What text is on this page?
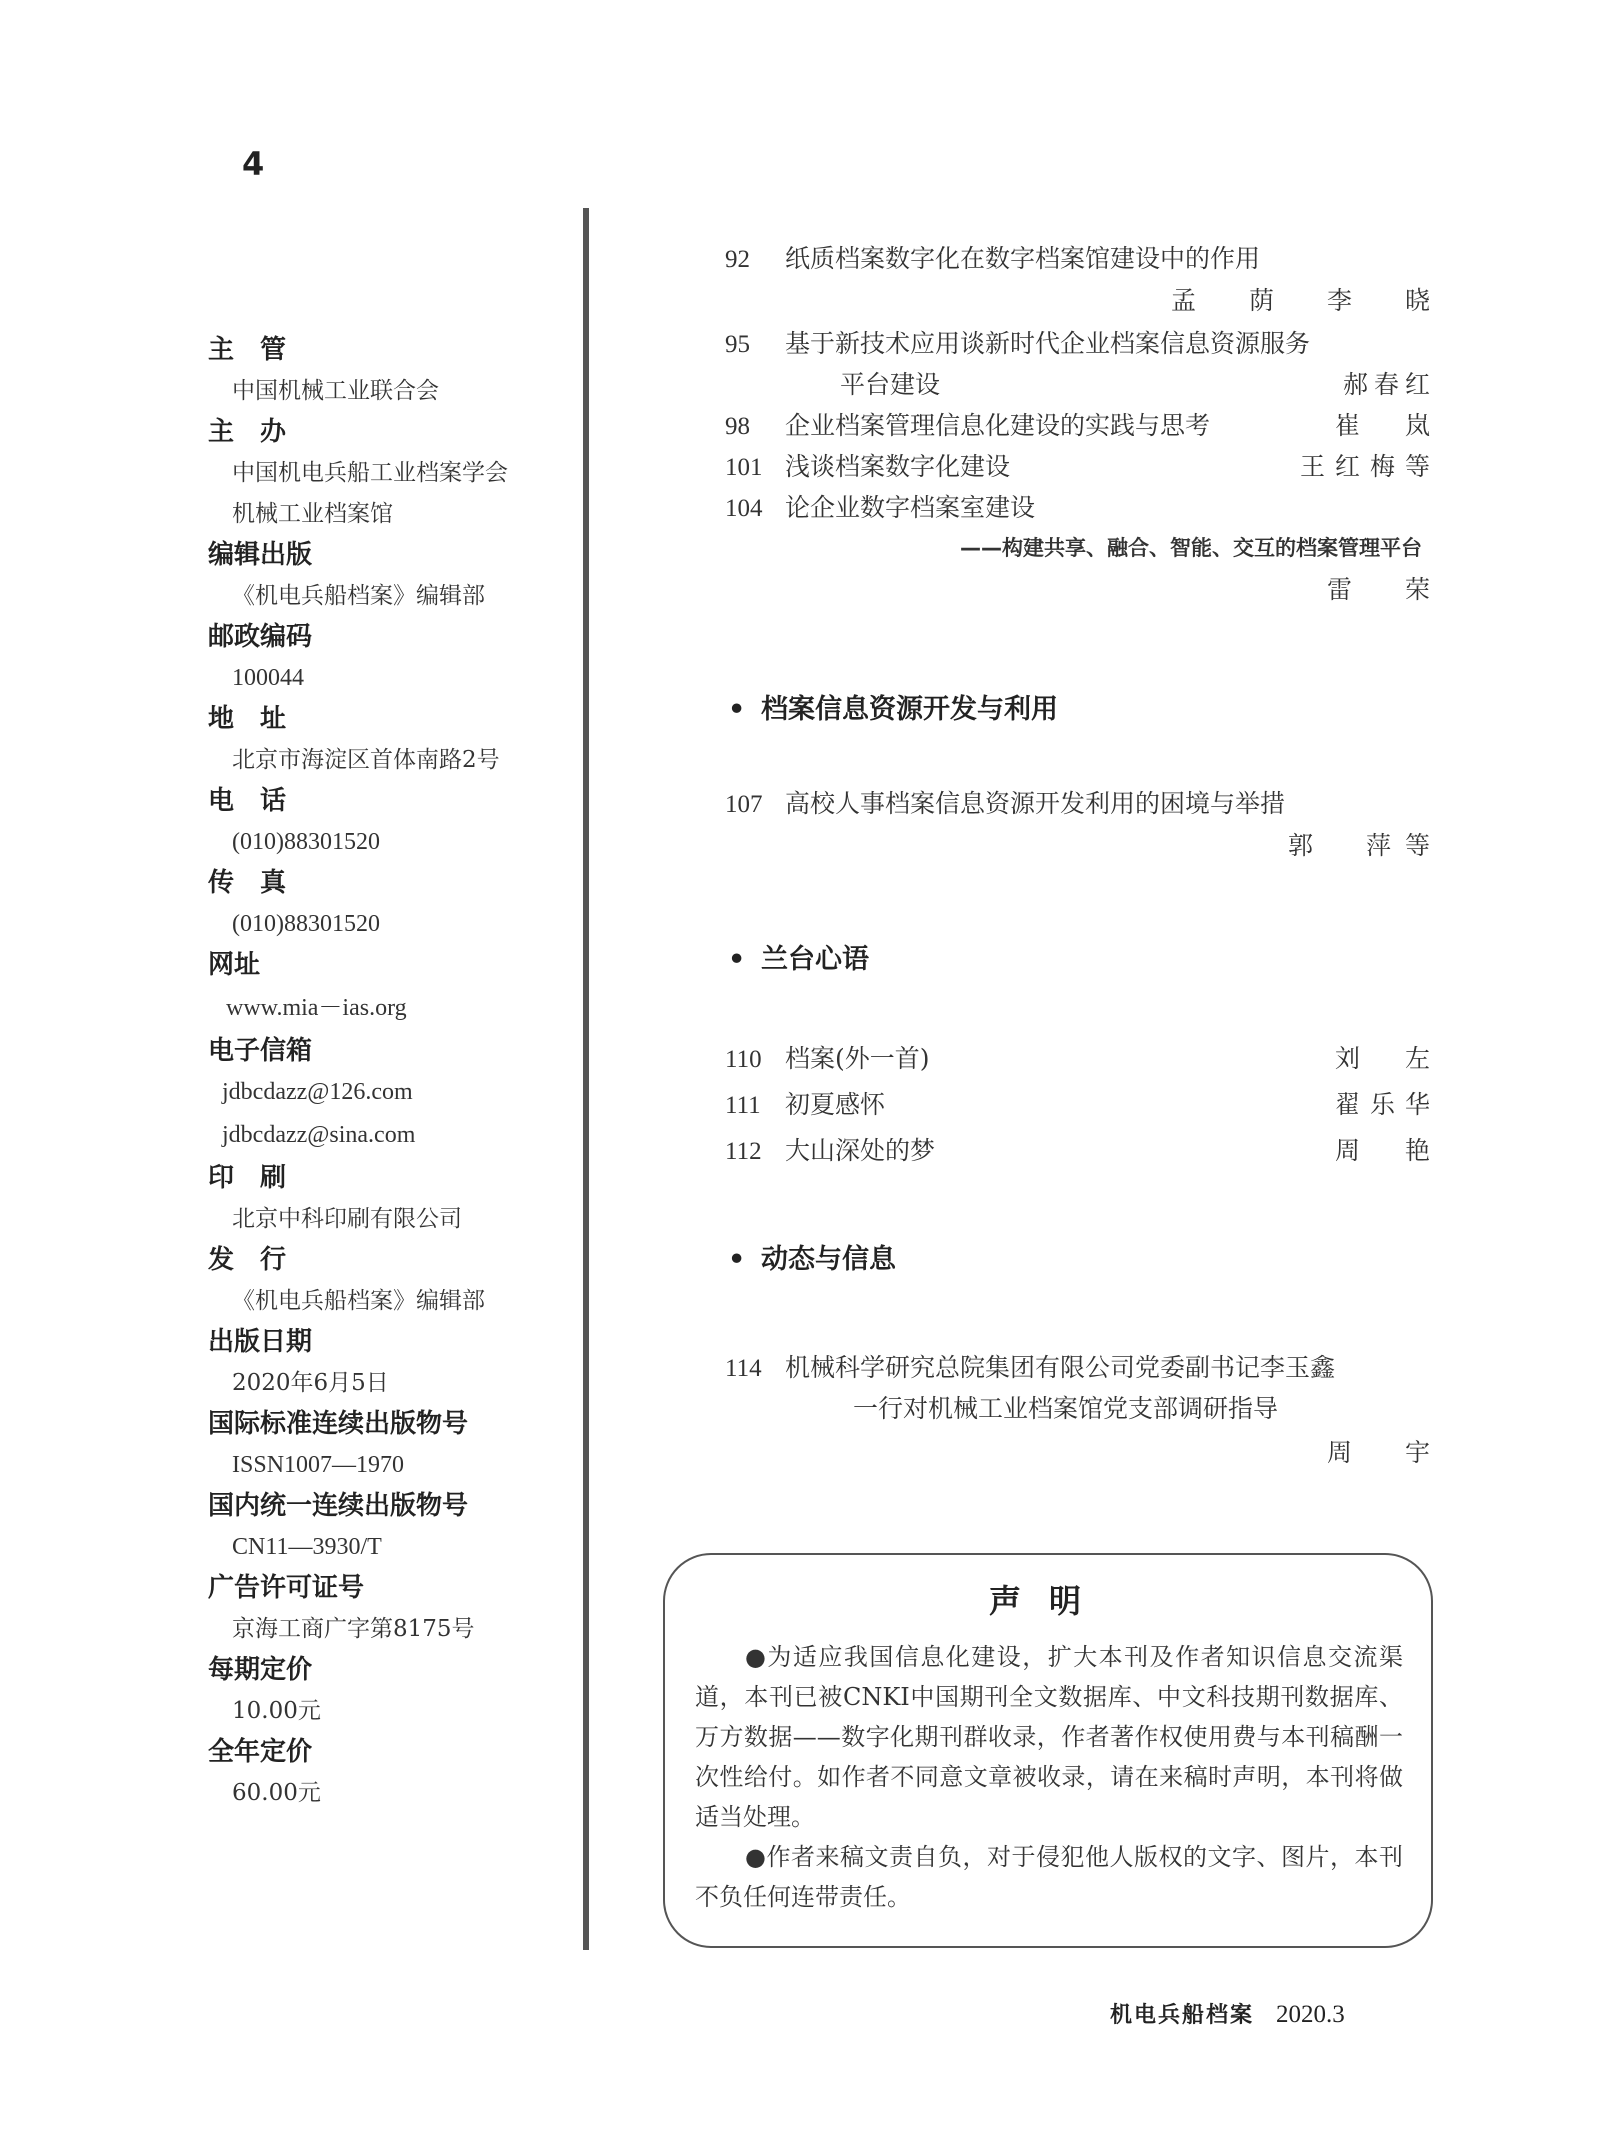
4
主　管
中国机械工业联合会
主　办
中国机电兵船工业档案学会
机械工业档案馆
编辑出版
《机电兵船档案》编辑部
邮政编码
100044
地　址
北京市海淀区首体南路2号
电　话
(010)88301520
传　真
(010)88301520
网址
www.mia－ias.org
电子信箱
jdbcdazz@126.com
jdbcdazz@sina.com
印　刷
北京中科印刷有限公司
发　行
《机电兵船档案》编辑部
出版日期
2020年6月5日
国际标准连续出版物号
ISSN1007—1970
国内统一连续出版物号
CN11—3930/T
广告许可证号
京海工商广字第8175号
每期定价
10.00元
全年定价
60.00元
92 纸质档案数字化在数字档案馆建设中的作用
孟　荫　李　晓
95 基于新技术应用谈新时代企业档案信息资源服务
平台建设	郝春红
98 企业档案管理信息化建设的实践与思考	崔　岚
101 浅谈档案数字化建设	王红梅等
104 论企业数字档案室建设
——构建共享、融合、智能、交互的档案管理平台
雷　荣
• 档案信息资源开发与利用
107 高校人事档案信息资源开发利用的困境与举措
郭　萍等
• 兰台心语
110 档案(外一首)	刘　左
111 初夏感怀	翟乐华
112 大山深处的梦	周　艳
• 动态与信息
114 机械科学研究总院集团有限公司党委副书记李玉鑫
一行对机械工业档案馆党支部调研指导
周　宇
声明

●为适应我国信息化建设，扩大本刊及作者知识信息交流渠道，本刊已被CNKI中国期刊全文数据库、中文科技期刊数据库、万方数据——数字化期刊群收录，作者著作权使用费与本刊稿酬一次性给付。如作者不同意文章被收录，请在来稿时声明，本刊将做适当处理。

●作者来稿文责自负，对于侵犯他人版权的文字、图片，本刊不负任何连带责任。

机电兵船档案 2020.3
